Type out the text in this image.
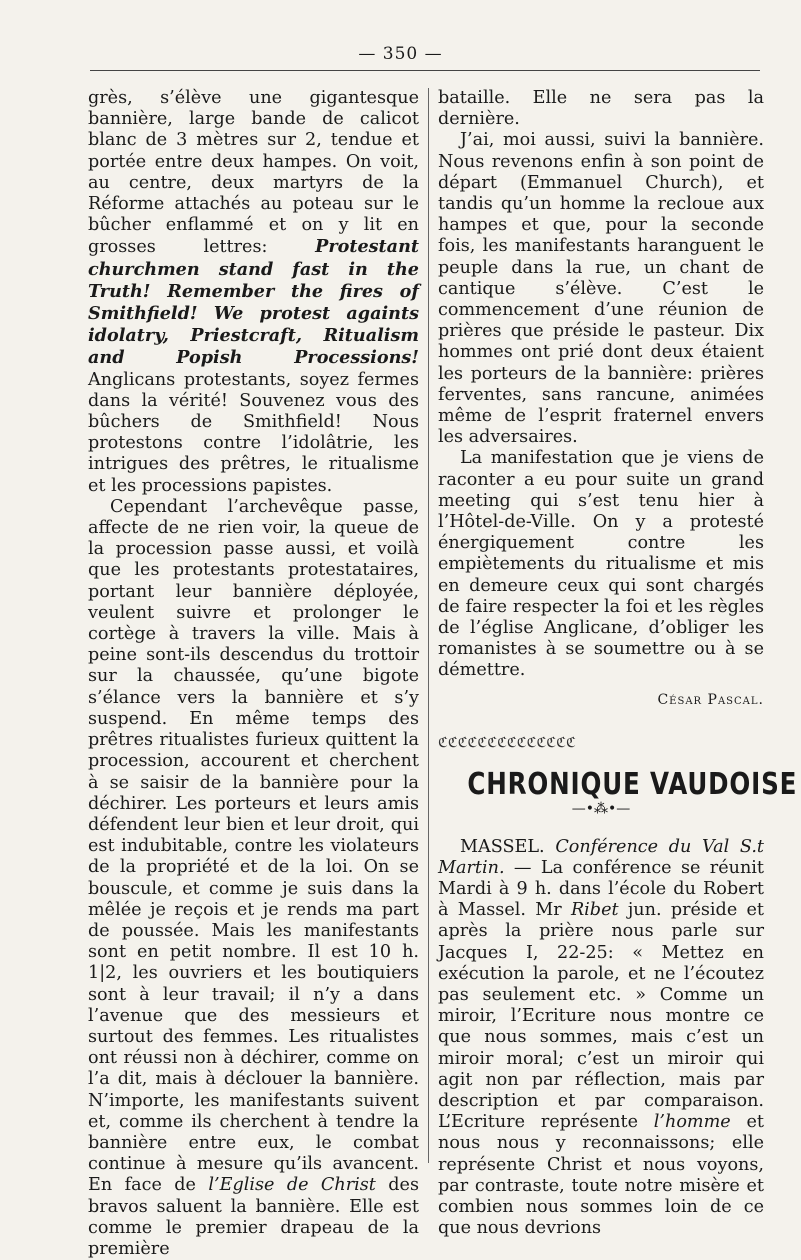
— 350 —

grès, s’élève une gigantesque bannière, large bande de calicot blanc de 3 mètres sur 2, tendue et portée entre deux hampes. On voit, au centre, deux martyrs de la Réforme attachés au poteau sur le bûcher enflammé et on y lit en grosses lettres: Protestant churchmen stand fast in the Truth! Remember the fires of Smithfield! We protest againts idolatry, Priestcraft, Ritualism and Popish Processions! Anglicans protestants, soyez fermes dans la vérité! Souvenez vous des bûchers de Smithfield! Nous protestons contre l’idolâtrie, les intrigues des prêtres, le ritualisme et les processions papistes.

Cependant l’archevêque passe, affecte de ne rien voir, la queue de la procession passe aussi, et voilà que les protestants protestataires, portant leur bannière déployée, veulent suivre et prolonger le cortège à travers la ville. Mais à peine sont-ils descendus du trottoir sur la chaussée, qu’une bigote s’élance vers la bannière et s’y suspend. En même temps des prêtres ritualistes furieux quittent la procession, accourent et cherchent à se saisir de la bannière pour la déchirer. Les porteurs et leurs amis défendent leur bien et leur droit, qui est indubitable, contre les violateurs de la propriété et de la loi. On se bouscule, et comme je suis dans la mêlée je reçois et je rends ma part de poussée. Mais les manifestants sont en petit nombre. Il est 10 h. 1|2, les ouvriers et les boutiquiers sont à leur travail; il n’y a dans l’avenue que des messieurs et surtout des femmes. Les ritualistes ont réussi non à déchirer, comme on l’a dit, mais à déclouer la bannière. N’importe, les manifestants suivent et, comme ils cherchent à tendre la bannière entre eux, le combat continue à mesure qu’ils avancent. En face de l’Eglise de Christ des bravos saluent la bannière. Elle est comme le premier drapeau de la première

bataille. Elle ne sera pas la dernière.

J’ai, moi aussi, suivi la bannière. Nous revenons enfin à son point de départ (Emmanuel Church), et tandis qu’un homme la recloue aux hampes et que, pour la seconde fois, les manifestants haranguent le peuple dans la rue, un chant de cantique s’élève. C’est le commencement d’une réunion de prières que préside le pasteur. Dix hommes ont prié dont deux étaient les porteurs de la bannière: prières ferventes, sans rancune, animées même de l’esprit fraternel envers les adversaires.

La manifestation que je viens de raconter a eu pour suite un grand meeting qui s’est tenu hier à l’Hôtel-de-Ville. On y a protesté énergiquement contre les empiètements du ritualisme et mis en demeure ceux qui sont chargés de faire respecter la foi et les règles de l’église Anglicane, d’obliger les romanistes à se soumettre ou à se démettre.

César Pascal.

ℭℭℭℭℭℭℭℭℭℭℭℭℭℭ

CHRONIQUE VAUDOISE

—•⁂•—

MASSEL. Conférence du Val S.t Martin. — La conférence se réunit Mardi à 9 h. dans l’école du Robert à Massel. Mr Ribet jun. préside et après la prière nous parle sur Jacques I, 22-25: « Mettez en exécution la parole, et ne l’écoutez pas seulement etc. » Comme un miroir, l’Ecriture nous montre ce que nous sommes, mais c’est un miroir moral; c’est un miroir qui agit non par réflection, mais par description et par comparaison. L’Ecriture représente l’homme et nous nous y reconnaissons; elle représente Christ et nous voyons, par contraste, toute notre misère et combien nous sommes loin de ce que nous devrions
